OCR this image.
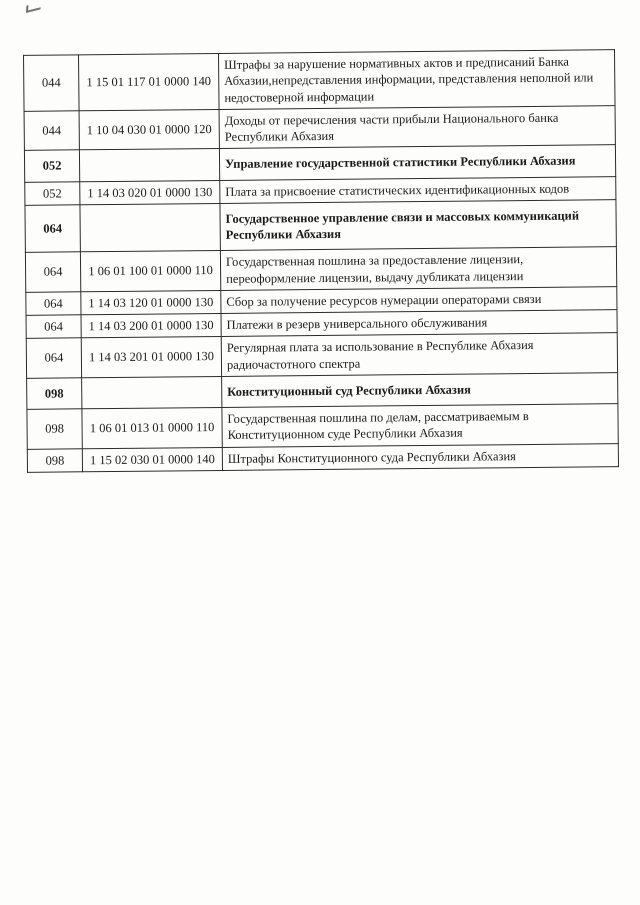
044	1 15 01 117 01 0000 140	Штрафы за нарушение нормативных актов и предписаний Банка Абхазии,непредставления информации, представления неполной или недостоверной информации
044	1 10 04 030 01 0000 120	Доходы от перечисления части прибыли Национального банка Республики Абхазия
052		Управление государственной статистики Республики Абхазия
052	1 14 03 020 01 0000 130	Плата за присвоение статистических идентификационных кодов
064		Государственное управление связи и массовых коммуникаций Республики Абхазия
064	1 06 01 100 01 0000 110	Государственная пошлина за предоставление лицензии, переоформление лицензии, выдачу дубликата лицензии
064	1 14 03 120 01 0000 130	Сбор за получение ресурсов нумерации операторами связи
064	1 14 03 200 01 0000 130	Платежи в резерв универсального обслуживания
064	1 14 03 201 01 0000 130	Регулярная плата за использование в Республике Абхазия радиочастотного спектра
098		Конституционный суд Республики Абхазия
098	1 06 01 013 01 0000 110	Государственная пошлина по делам, рассматриваемым в Конституционном суде Республики Абхазия
098	1 15 02 030 01 0000 140	Штрафы Конституционного суда Республики Абхазия
